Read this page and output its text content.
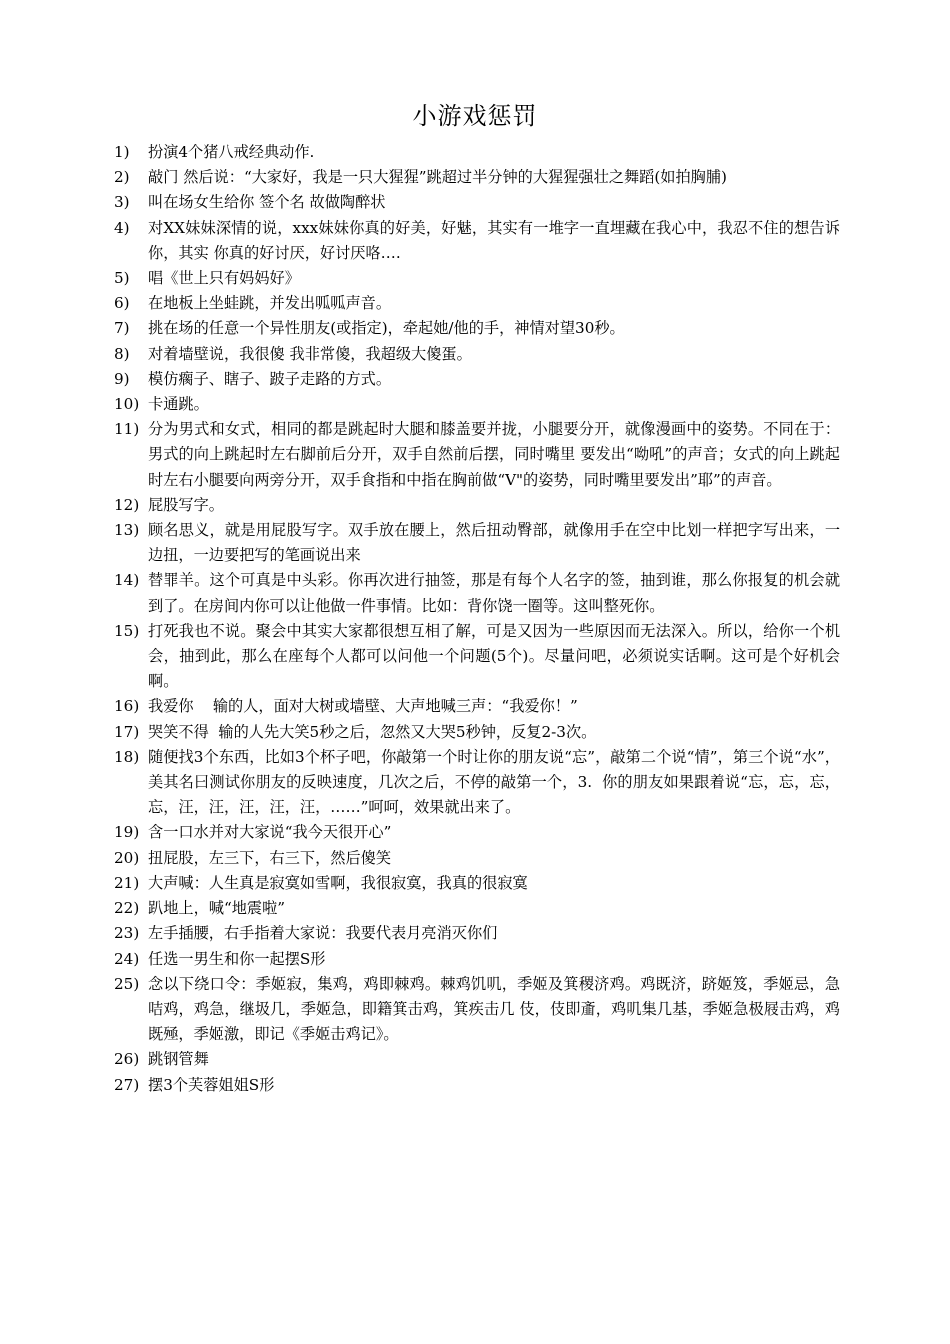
小游戏惩罚
1)	扮演4个猪八戒经典动作.
2)	敲门 然后说：“大家好，我是一只大猩猩”跳超过半分钟的大猩猩强壮之舞蹈(如拍胸脯)
3)	叫在场女生给你 签个名 故做陶醉状
4)	对XX妹妹深情的说，xxx妹妹你真的好美，好魅，其实有一堆字一直埋藏在我心中，我忍不住的想告诉你，其实 你真的好讨厌，好讨厌咯….
5)	唱《世上只有妈妈好》
6)	在地板上坐蛙跳，并发出呱呱声音。
7)	挑在场的任意一个异性朋友(或指定)，牵起她/他的手，神情对望30秒。
8)	对着墙壁说，我很傻 我非常傻，我超级大傻蛋。
9)	模仿瘸子、瞎子、跛子走路的方式。
10) 卡通跳。
11) 分为男式和女式，相同的都是跳起时大腿和膝盖要并拢，小腿要分开，就像漫画中的姿势。不同在于：男式的向上跳起时左右脚前后分开，双手自然前后摆，同时嘴里 要发出“呦吼”的声音；女式的向上跳起时左右小腿要向两旁分开，双手食指和中指在胸前做“V"的姿势，同时嘴里要发出”耶”的声音。
12) 屁股写字。
13) 顾名思义，就是用屁股写字。双手放在腰上，然后扭动臀部，就像用手在空中比划一样把字写出来，一边扭，一边要把写的笔画说出来
14) 替罪羊。这个可真是中头彩。你再次进行抽签，那是有每个人名字的签，抽到谁，那么你报复的机会就到了。在房间内你可以让他做一件事情。比如：背你饶一圈等。这叫整死你。
15) 打死我也不说。聚会中其实大家都很想互相了解，可是又因为一些原因而无法深入。所以，给你一个机会，抽到此，那么在座每个人都可以问他一个问题(5个)。尽量问吧，必须说实话啊。这可是个好机会啊。
16) 我爱你    输的人，面对大树或墙壁、大声地喊三声：“我爱你！”
17) 哭笑不得  输的人先大笑5秒之后，忽然又大哭5秒钟，反复2-3次。
18) 随便找3个东西，比如3个杯子吧，你敲第一个时让你的朋友说“忘”，敲第二个说“情”，第三个说“水”，美其名曰测试你朋友的反映速度，几次之后，不停的敲第一个，3.  你的朋友如果跟着说“忘，忘，忘，忘，汪，汪，汪，汪，汪，……”呵呵，效果就出来了。
19) 含一口水并对大家说“我今天很开心”
20) 扭屁股，左三下，右三下，然后傻笑
21) 大声喊：人生真是寂寞如雪啊，我很寂寞，我真的很寂寞
22) 趴地上，喊“地震啦”
23) 左手插腰，右手指着大家说：我要代表月亮消灭你们
24) 任选一男生和你一起摆S形
25) 念以下绕口令：季姬寂，集鸡，鸡即棘鸡。棘鸡饥叽，季姬及箕稷济鸡。鸡既济，跻姬笈，季姬忌，急咭鸡，鸡急，继圾几，季姬急，即籍箕击鸡，箕疾击几 伎，伎即齑，鸡叽集几基，季姬急极屐击鸡，鸡既殛，季姬激，即记《季姬击鸡记》。
26) 跳钢管舞
27) 摆3个芙蓉姐姐S形
